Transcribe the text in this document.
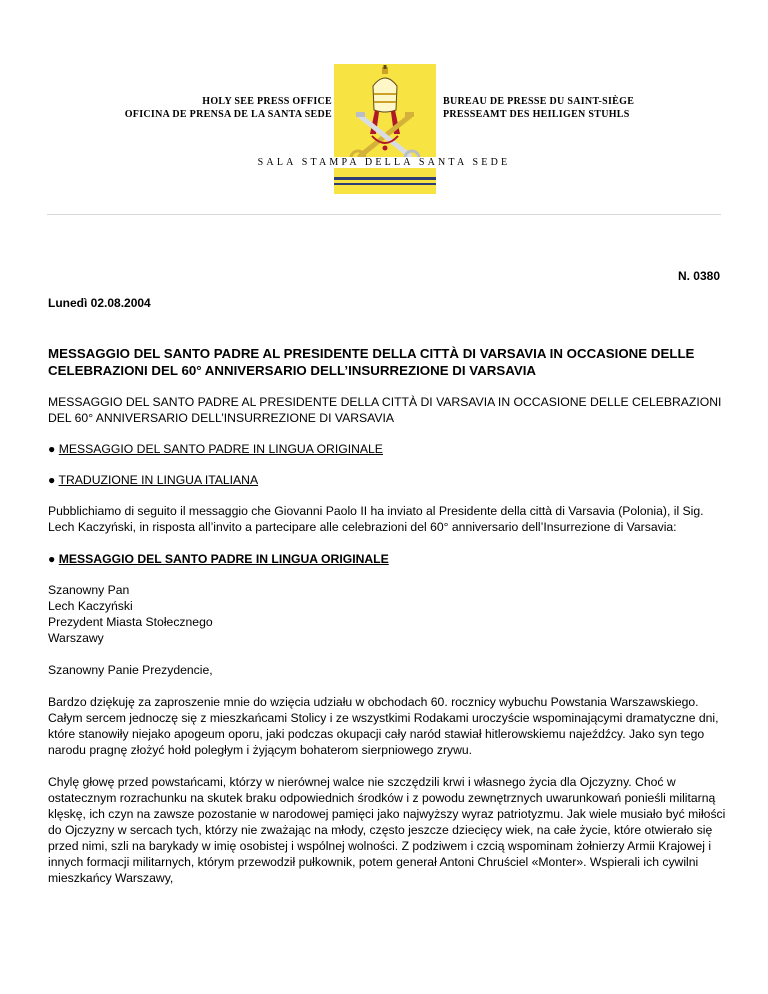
HOLY SEE PRESS OFFICE
OFICINA DE PRENSA DE LA SANTA SEDE
BUREAU DE PRESSE DU SAINT-SIÈGE
PRESSEAMT DES HEILIGEN STUHLS
SALA STAMPA DELLA SANTA SEDE
N. 0380
Lunedì 02.08.2004
MESSAGGIO DEL SANTO PADRE AL PRESIDENTE DELLA CITTÀ DI VARSAVIA IN OCCASIONE DELLE CELEBRAZIONI DEL 60° ANNIVERSARIO DELL’INSURREZIONE DI VARSAVIA
MESSAGGIO DEL SANTO PADRE AL PRESIDENTE DELLA CITTÀ DI VARSAVIA IN OCCASIONE DELLE CELEBRAZIONI DEL 60° ANNIVERSARIO DELL’INSURREZIONE DI VARSAVIA
● MESSAGGIO DEL SANTO PADRE IN LINGUA ORIGINALE
● TRADUZIONE IN LINGUA ITALIANA

Pubblichiamo di seguito il messaggio che Giovanni Paolo II ha inviato al Presidente della città di Varsavia (Polonia), il Sig. Lech Kaczyński, in risposta all’invito a partecipare alle celebrazioni del 60° anniversario dell’Insurrezione di Varsavia:

● MESSAGGIO DEL SANTO PADRE IN LINGUA ORIGINALE

Szanowny Pan
Lech Kaczyński
Prezydent Miasta Stołecznego
Warszawy

Szanowny Panie Prezydencie,

Bardzo dziękuję za zaproszenie mnie do wzięcia udziału w obchodach 60. rocznicy wybuchu Powstania Warszawskiego. Całym sercem jednoczę się z mieszkańcami Stolicy i ze wszystkimi Rodakami uroczyście wspominającymi dramatyczne dni, które stanowiły niejako apogeum oporu, jaki podczas okupacji cały naród stawiał hitlerowskiemu najeźdźcy. Jako syn tego narodu pragnę złożyć hołd poległym i żyjącym bohaterom sierpniowego zrywu.

Chylę głowę przed powstańcami, którzy w nierównej walce nie szczędzili krwi i własnego życia dla Ojczyzny. Choć w ostatecznym rozrachunku na skutek braku odpowiednich środków i z powodu zewnętrznych uwarunkowań ponieśli militarną klęskę, ich czyn na zawsze pozostanie w narodowej pamięci jako najwyższy wyraz patriotyzmu. Jak wiele musiało być miłości do Ojczyzny w sercach tych, którzy nie zważając na młody, często jeszcze dziecięcy wiek, na całe życie, które otwierało się przed nimi, szli na barykady w imię osobistej i wspólnej wolności. Z podziwem i czcią wspominam żołnierzy Armii Krajowej i innych formacji militarnych, którym przewodził pułkownik, potem generał Antoni Chruściel «Monter». Wspierali ich cywilni mieszkańcy Warszawy,
